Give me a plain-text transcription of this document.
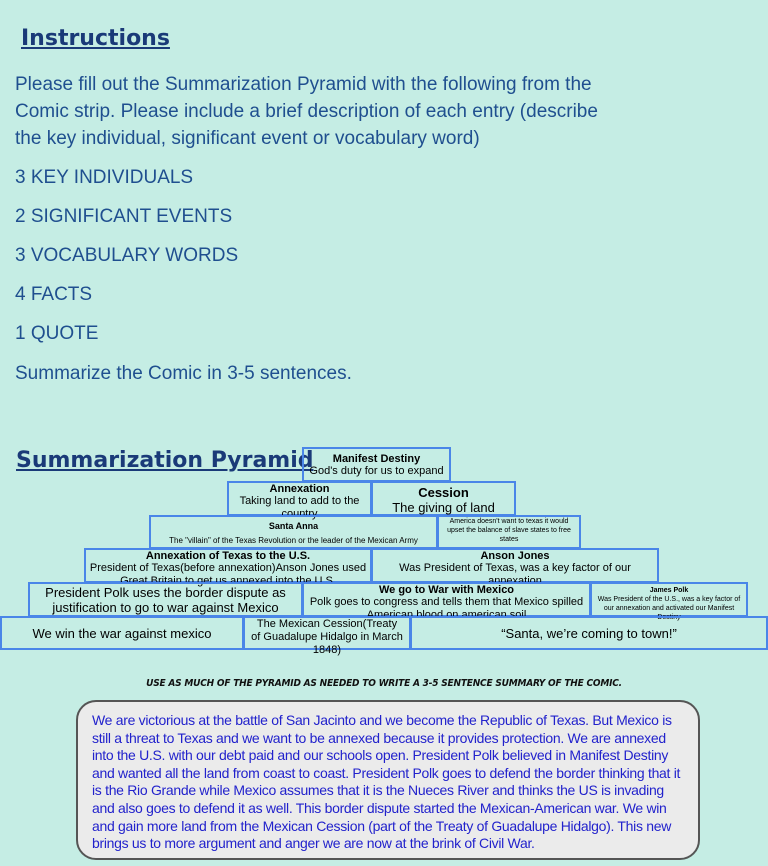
Instructions
Please fill out the Summarization Pyramid with the following from the
Comic strip. Please include a brief description of each entry (describe
the key individual, significant event or vocabulary word)
3 KEY INDIVIDUALS
2 SIGNIFICANT EVENTS
3 VOCABULARY WORDS
4 FACTS
1 QUOTE
Summarize the Comic in 3-5 sentences.
Summarization Pyramid Manifest Destiny
God's duty for us to expand
Annexation
Taking land to add to the country
Cession
The giving of land
Santa Anna
The "villain" of the Texas Revolution or the leader of the Mexican Army
America doesn't want to texas it would upset the balance of slave states to free states
Annexation of Texas to the U.S.
President of Texas(before annexation)Anson Jones used Great Britain to get us annexed into the U.S.
Anson Jones
Was President of Texas, was a key factor of our annexation
President Polk uses the border dispute as justification to go to war against Mexico
We go to War with Mexico
Polk goes to congress and tells them that Mexico spilled American blood on american soil
James Polk
Was President of the U.S., was a key factor of our annexation and activated our Manifest Destiny
We win the war against mexico
The Mexican Cession(Treaty of Guadalupe Hidalgo in March 1848)
“Santa, we’re coming to town!”
USE AS MUCH OF THE PYRAMID AS NEEDED TO WRITE A 3-5 SENTENCE SUMMARY OF THE COMIC.
We are victorious at the battle of San Jacinto and we become the Republic of Texas. But Mexico is still a threat to Texas and we want to be annexed because it provides protection. We are annexed into the U.S. with our debt paid and our schools open. President Polk believed in Manifest Destiny and wanted all the land from coast to coast. President Polk goes to defend the border thinking that it is the Rio Grande while Mexico assumes that it is the Nueces River and thinks the US is invading and also goes to defend it as well. This border dispute started the Mexican-American war. We win and gain more land from the Mexican Cession (part of the Treaty of Guadalupe Hidalgo). This new brings us to more argument and anger we are now at the brink of Civil War.
